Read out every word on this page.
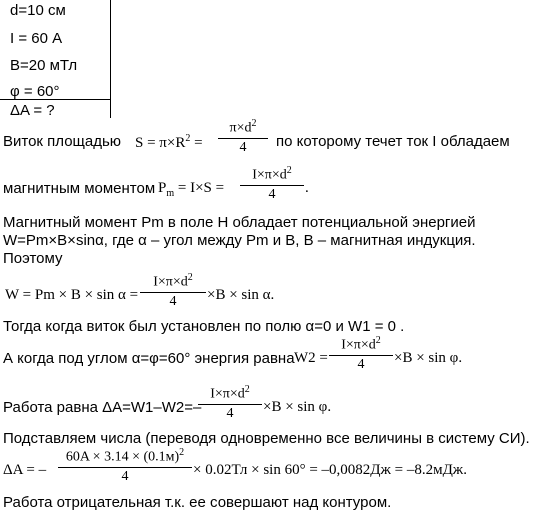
d=10 см
I = 60 А
B=20 мТл
φ = 60°
ΔA = ?
Виток площадью $S = \pi\times R^2 = \frac{\pi\times d^2}{4}$ по которому течет ток I обладаем
магнитным моментом $P_m = I\times S = \frac{I\times\pi\times d^2}{4}$ .
Магнитный момент Pm в поле H обладает потенциальной энергией
W=Pm×B×sinα, где α – угол между Pm и B, B – магнитная индукция.
Поэтому
$W = Pm \times B \times \sin \alpha = \frac{I\times\pi\times d^2}{4} \times B \times \sin \alpha$.
Тогда когда виток был установлен по полю α=0 и W1 = 0 .
А когда под углом α=φ=60° энергия равна $W2 = \frac{I\times\pi\times d^2}{4} \times B \times \sin \varphi$.
Работа равна ΔA=W1–W2=–
$\frac{I\times\pi\times d^2}{4} \times B \times \sin \varphi$.
Подставляем числа (переводя одновременно все величины в систему СИ).
ΔA = –
$60A \times 3.14 \times (0.1м)^2$
4	× 0.02Тл × sin 60° = –0,0082Дж = –8.2мДж.
Работа отрицательная т.к. ее совершают над контуром.
